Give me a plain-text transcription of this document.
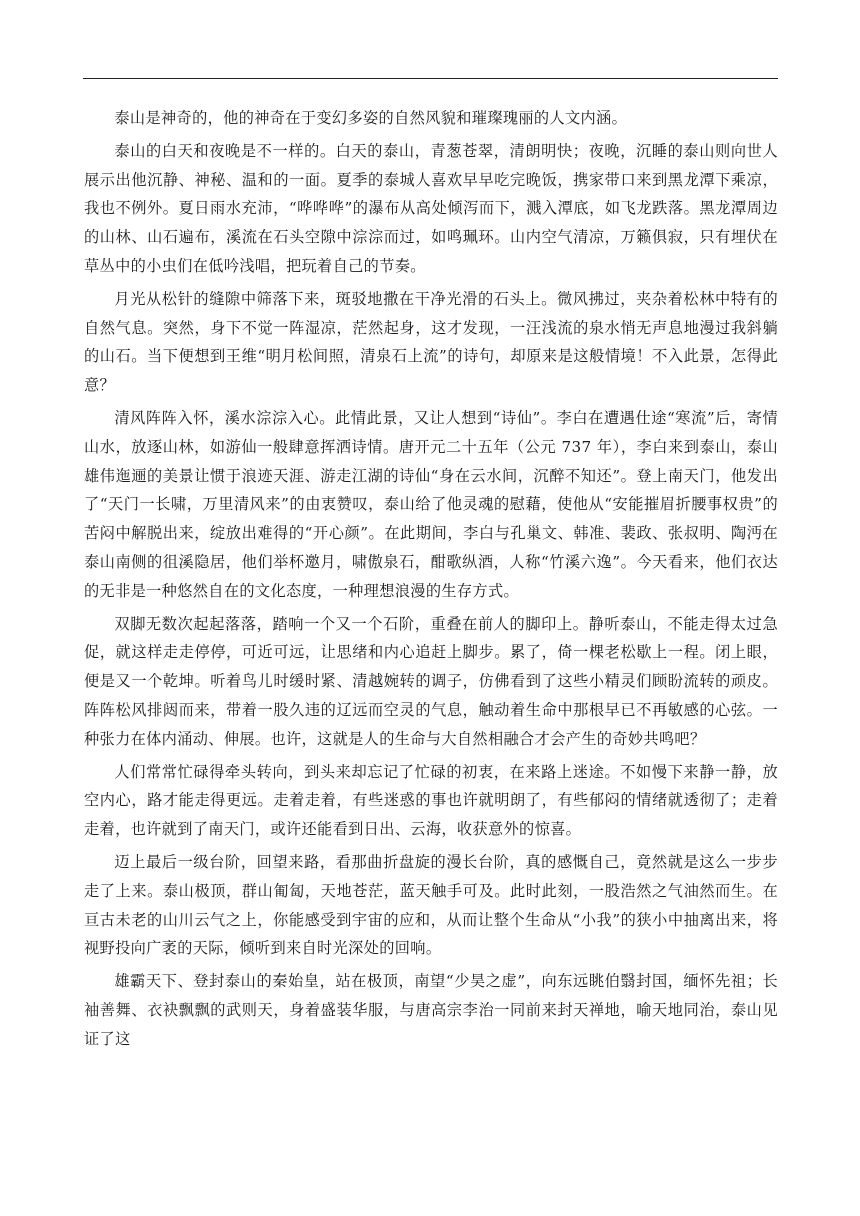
泰山是神奇的，他的神奇在于变幻多姿的自然风貌和璀璨瑰丽的人文内涵。

泰山的白天和夜晚是不一样的。白天的泰山，青葱苍翠，清朗明快；夜晚，沉睡的泰山则向世人展示出他沉静、神秘、温和的一面。夏季的泰城人喜欢早早吃完晚饭，携家带口来到黑龙潭下乘凉，我也不例外。夏日雨水充沛，“哗哗哗”的瀑布从高处倾泻而下，溅入潭底，如飞龙跌落。黑龙潭周边的山林、山石遍布，溪流在石头空隙中淙淙而过，如鸣珮环。山内空气清凉，万籁俱寂，只有埋伏在草丛中的小虫们在低吟浅唱，把玩着自己的节奏。

月光从松针的缝隙中筛落下来，斑驳地撒在干净光滑的石头上。微风拂过，夹杂着松林中特有的自然气息。突然，身下不觉一阵湿凉，茫然起身，这才发现，一汪浅流的泉水悄无声息地漫过我斜躺的山石。当下便想到王维“明月松间照，清泉石上流”的诗句，却原来是这般情境！不入此景，怎得此意？

清风阵阵入怀，溪水淙淙入心。此情此景，又让人想到“诗仙”。李白在遭遇仕途“寒流”后，寄情山水，放逐山林，如游仙一般肆意挥洒诗情。唐开元二十五年（公元 737 年），李白来到泰山，泰山雄伟迤逦的美景让惯于浪迹天涯、游走江湖的诗仙“身在云水间，沉醉不知还”。登上南天门，他发出了“天门一长啸，万里清风来”的由衷赞叹，泰山给了他灵魂的慰藉，使他从“安能摧眉折腰事权贵”的苦闷中解脱出来，绽放出难得的“开心颜”。在此期间，李白与孔巢文、韩准、裴政、张叔明、陶沔在泰山南侧的徂溪隐居，他们举杯邀月，啸傲泉石，酣歌纵酒，人称“竹溪六逸”。今天看来，他们衣达的无非是一种悠然自在的文化态度，一种理想浪漫的生存方式。

双脚无数次起起落落，踏响一个又一个石阶，重叠在前人的脚印上。静听泰山，不能走得太过急促，就这样走走停停，可近可远，让思绪和内心追赶上脚步。累了，倚一棵老松歇上一程。闭上眼，便是又一个乾坤。听着鸟儿时缓时紧、清越婉转的调子，仿佛看到了这些小精灵们顾盼流转的顽皮。阵阵松风排闼而来，带着一股久违的辽远而空灵的气息，触动着生命中那根早已不再敏感的心弦。一种张力在体内涌动、伸展。也许，这就是人的生命与大自然相融合才会产生的奇妙共鸣吧？

人们常常忙碌得牵头转向，到头来却忘记了忙碌的初衷，在来路上迷途。不如慢下来静一静，放空内心，路才能走得更远。走着走着，有些迷惑的事也许就明朗了，有些郁闷的情绪就透彻了；走着走着，也许就到了南天门，或许还能看到日出、云海，收获意外的惊喜。

迈上最后一级台阶，回望来路，看那曲折盘旋的漫长台阶，真的感慨自己，竟然就是这么一步步走了上来。泰山极顶，群山匍匐，天地苍茫，蓝天触手可及。此时此刻，一股浩然之气油然而生。在亘古未老的山川云气之上，你能感受到宇宙的应和，从而让整个生命从“小我”的狭小中抽离出来，将视野投向广袤的天际，倾听到来自时光深处的回响。

雄霸天下、登封泰山的秦始皇，站在极顶，南望“少昊之虚”，向东远眺伯翳封国，缅怀先祖；长袖善舞、衣袂飘飘的武则天，身着盛装华服，与唐高宗李治一同前来封天禅地，喻天地同治，泰山见证了这
